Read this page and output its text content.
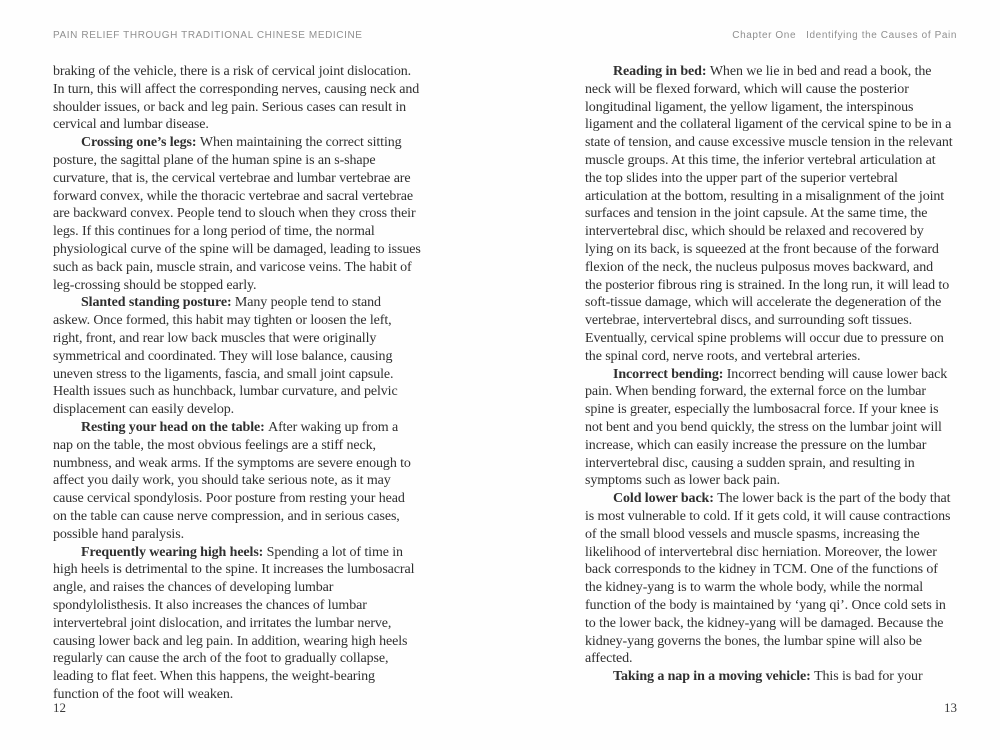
PAIN RELIEF THROUGH TRADITIONAL CHINESE MEDICINE

braking of the vehicle, there is a risk of cervical joint dislocation. In turn, this will affect the corresponding nerves, causing neck and shoulder issues, or back and leg pain. Serious cases can result in cervical and lumbar disease.

Crossing one’s legs: When maintaining the correct sitting posture, the sagittal plane of the human spine is an s-shape curvature, that is, the cervical vertebrae and lumbar vertebrae are forward convex, while the thoracic vertebrae and sacral vertebrae are backward convex. People tend to slouch when they cross their legs. If this continues for a long period of time, the normal physiological curve of the spine will be damaged, leading to issues such as back pain, muscle strain, and varicose veins. The habit of leg-crossing should be stopped early.

Slanted standing posture: Many people tend to stand askew. Once formed, this habit may tighten or loosen the left, right, front, and rear low back muscles that were originally symmetrical and coordinated. They will lose balance, causing uneven stress to the ligaments, fascia, and small joint capsule. Health issues such as hunchback, lumbar curvature, and pelvic displacement can easily develop.

Resting your head on the table: After waking up from a nap on the table, the most obvious feelings are a stiff neck, numbness, and weak arms. If the symptoms are severe enough to affect you daily work, you should take serious note, as it may cause cervical spondylosis. Poor posture from resting your head on the table can cause nerve compression, and in serious cases, possible hand paralysis.

Frequently wearing high heels: Spending a lot of time in high heels is detrimental to the spine. It increases the lumbosacral angle, and raises the chances of developing lumbar spondylolisthesis. It also increases the chances of lumbar intervertebral joint dislocation, and irritates the lumbar nerve, causing lower back and leg pain. In addition, wearing high heels regularly can cause the arch of the foot to gradually collapse, leading to flat feet. When this happens, the weight-bearing function of the foot will weaken.

12
Chapter One Identifying the Causes of Pain

Reading in bed: When we lie in bed and read a book, the neck will be flexed forward, which will cause the posterior longitudinal ligament, the yellow ligament, the interspinous ligament and the collateral ligament of the cervical spine to be in a state of tension, and cause excessive muscle tension in the relevant muscle groups. At this time, the inferior vertebral articulation at the top slides into the upper part of the superior vertebral articulation at the bottom, resulting in a misalignment of the joint surfaces and tension in the joint capsule. At the same time, the intervertebral disc, which should be relaxed and recovered by lying on its back, is squeezed at the front because of the forward flexion of the neck, the nucleus pulposus moves backward, and the posterior fibrous ring is strained. In the long run, it will lead to soft-tissue damage, which will accelerate the degeneration of the vertebrae, intervertebral discs, and surrounding soft tissues. Eventually, cervical spine problems will occur due to pressure on the spinal cord, nerve roots, and vertebral arteries.

Incorrect bending: Incorrect bending will cause lower back pain. When bending forward, the external force on the lumbar spine is greater, especially the lumbosacral force. If your knee is not bent and you bend quickly, the stress on the lumbar joint will increase, which can easily increase the pressure on the lumbar intervertebral disc, causing a sudden sprain, and resulting in symptoms such as lower back pain.

Cold lower back: The lower back is the part of the body that is most vulnerable to cold. If it gets cold, it will cause contractions of the small blood vessels and muscle spasms, increasing the likelihood of intervertebral disc herniation. Moreover, the lower back corresponds to the kidney in TCM. One of the functions of the kidney-yang is to warm the whole body, while the normal function of the body is maintained by ‘yang qi’. Once cold sets in to the lower back, the kidney-yang will be damaged. Because the kidney-yang governs the bones, the lumbar spine will also be affected.

Taking a nap in a moving vehicle: This is bad for your

13
